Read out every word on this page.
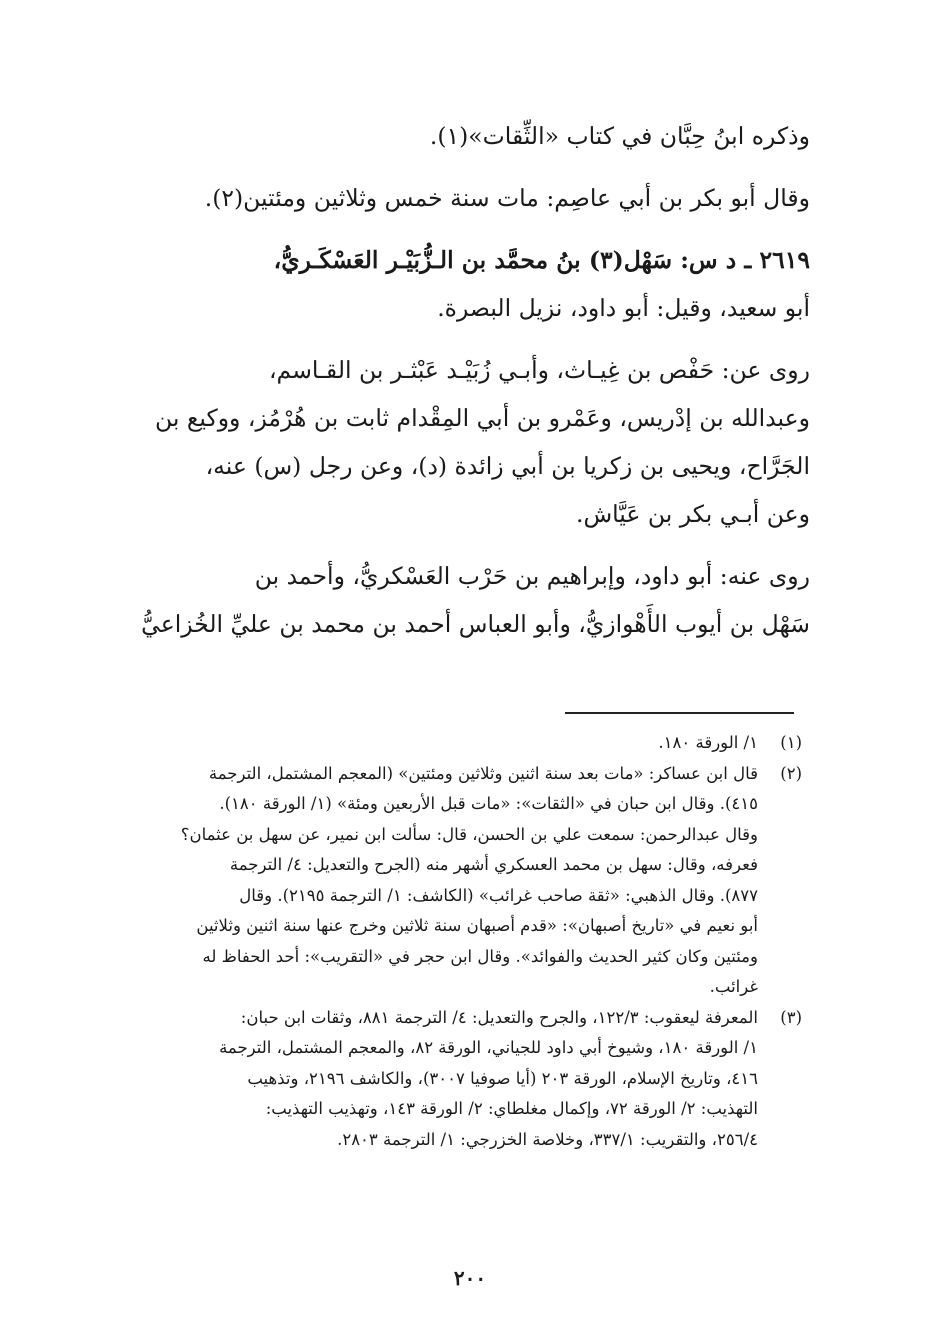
وذكره ابنُ حِبَّان في كتاب «الثِّقات»(١).
وقال أبو بكر بن أبي عاصِم: مات سنة خمس وثلاثين ومئتين(٢).
٢٦١٩ ـ د س: سَهْل(٣) بنُ محمَّد بن الـزُّبَيْـر العَسْكَـريُّ،
أبو سعيد، وقيل: أبو داود، نزيل البصرة.
روى عن: حَفْص بن غِيـاث، وأبـي زُبَيْـد عَبْثـر بن القـاسم،
وعبدالله بن إدْريس، وعَمْرو بن أبي المِقْدام ثابت بن هُرْمُز، ووكيع بن
الجَرَّاح، ويحيى بن زكريا بن أبي زائدة (د)، وعن رجل (س) عنه،
وعن أبـي بكر بن عَيَّاش.
روى عنه: أبو داود، وإبراهيم بن حَرْب العَسْكريُّ، وأحمد بن
سَهْل بن أيوب الأَهْوازيُّ، وأبو العباس أحمد بن محمد بن عليِّ الخُزاعيُّ
(١)١/ الورقة ١٨٠.
(٢)قال ابن عساكر: «مات بعد سنة اثنين وثلاثين ومئتين» (المعجم المشتمل، الترجمة
٤١٥). وقال ابن حبان في «الثقات»: «مات قبل الأربعين ومئة» (١/ الورقة ١٨٠).
وقال عبدالرحمن: سمعت علي بن الحسن، قال: سألت ابن نمير، عن سهل بن عثمان؟
فعرفه، وقال: سهل بن محمد العسكري أشهر منه (الجرح والتعديل: ٤/ الترجمة
٨٧٧). وقال الذهبي: «ثقة صاحب غرائب» (الكاشف: ١/ الترجمة ٢١٩٥). وقال
أبو نعيم في «تاريخ أصبهان»: «قدم أصبهان سنة ثلاثين وخرج عنها سنة اثنين وثلاثين
ومئتين وكان كثير الحديث والفوائد». وقال ابن حجر في «التقريب»: أحد الحفاظ له
غرائب.
(٣)المعرفة ليعقوب: ١٢٢/٣، والجرح والتعديل: ٤/ الترجمة ٨٨١، وثقات ابن حبان:
١/ الورقة ١٨٠، وشيوخ أبي داود للجياني، الورقة ٨٢، والمعجم المشتمل، الترجمة
٤١٦، وتاريخ الإسلام، الورقة ٢٠٣ (أيا صوفيا ٣٠٠٧)، والكاشف ٢١٩٦، وتذهيب
التهذيب: ٢/ الورقة ٧٢، وإكمال مغلطاي: ٢/ الورقة ١٤٣، وتهذيب التهذيب:
٢٥٦/٤، والتقريب: ٣٣٧/١، وخلاصة الخزرجي: ١/ الترجمة ٢٨٠٣.
٢٠٠
